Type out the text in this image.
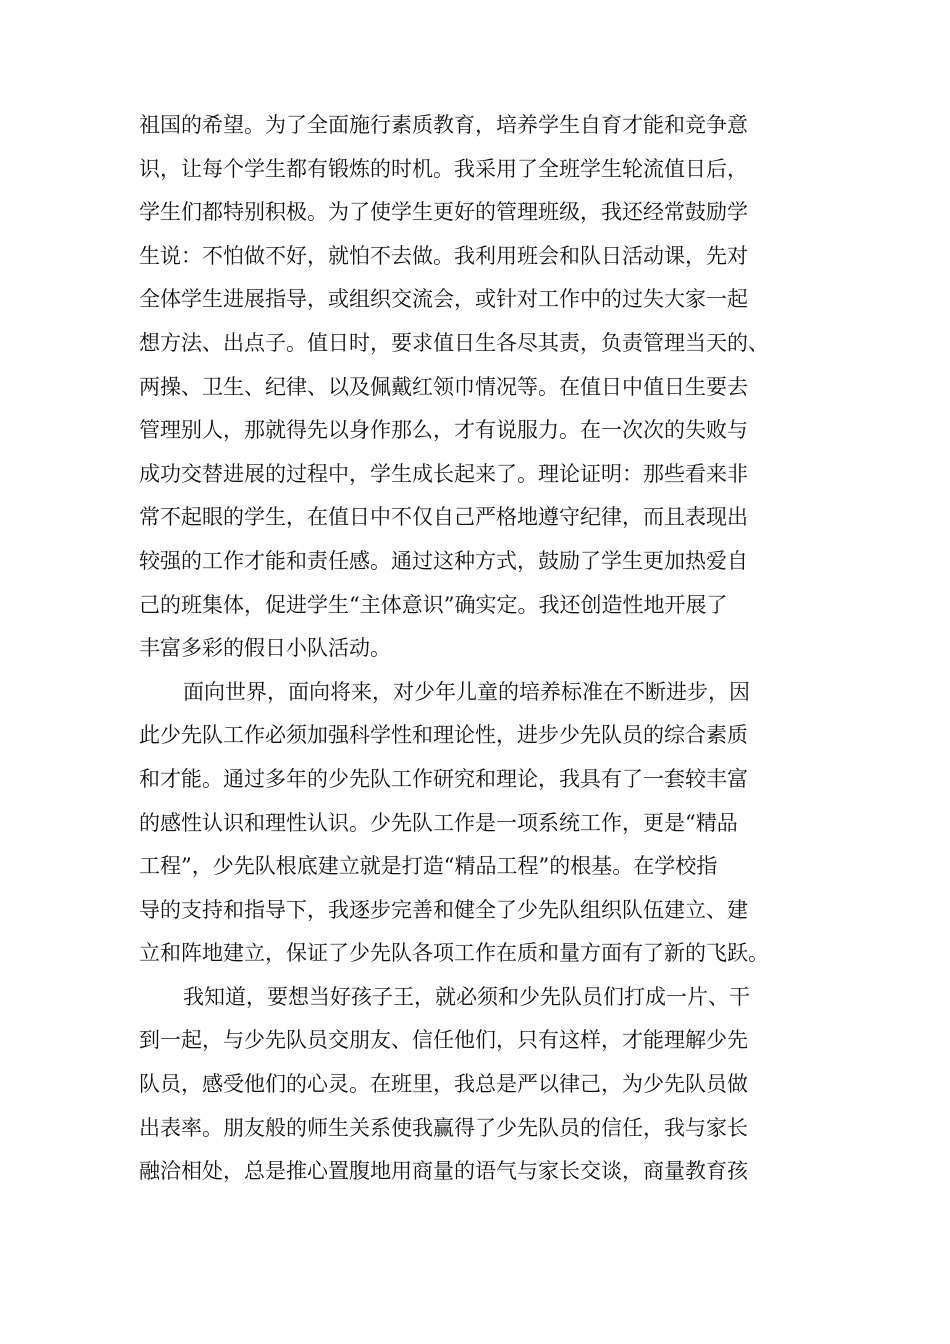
祖国的希望。为了全面施行素质教育，培养学生自育才能和竞争意
识，让每个学生都有锻炼的时机。我采用了全班学生轮流值日后，
学生们都特别积极。为了使学生更好的管理班级，我还经常鼓励学
生说：不怕做不好，就怕不去做。我利用班会和队日活动课，先对
全体学生进展指导，或组织交流会，或针对工作中的过失大家一起
想方法、出点子。值日时，要求值日生各尽其责，负责管理当天的、
两操、卫生、纪律、以及佩戴红领巾情况等。在值日中值日生要去
管理别人，那就得先以身作那么，才有说服力。在一次次的失败与
成功交替进展的过程中，学生成长起来了。理论证明：那些看来非
常不起眼的学生，在值日中不仅自己严格地遵守纪律，而且表现出
较强的工作才能和责任感。通过这种方式，鼓励了学生更加热爱自
己的班集体，促进学生“主体意识”确实定。我还创造性地开展了
丰富多彩的假日小队活动。
面向世界，面向将来，对少年儿童的培养标准在不断进步，因
此少先队工作必须加强科学性和理论性，进步少先队员的综合素质
和才能。通过多年的少先队工作研究和理论，我具有了一套较丰富
的感性认识和理性认识。少先队工作是一项系统工作，更是“精品
工程”，少先队根底建立就是打造“精品工程”的根基。在学校指
导的支持和指导下，我逐步完善和健全了少先队组织队伍建立、建
立和阵地建立，保证了少先队各项工作在质和量方面有了新的飞跃。
我知道，要想当好孩子王，就必须和少先队员们打成一片、干
到一起，与少先队员交朋友、信任他们，只有这样，才能理解少先
队员，感受他们的心灵。在班里，我总是严以律己，为少先队员做
出表率。朋友般的师生关系使我赢得了少先队员的信任，我与家长
融洽相处，总是推心置腹地用商量的语气与家长交谈，商量教育孩
